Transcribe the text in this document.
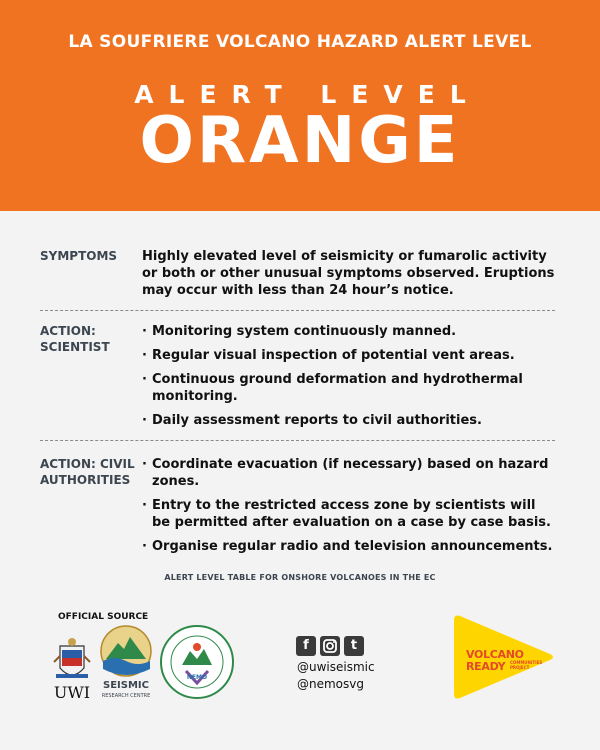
LA SOUFRIERE VOLCANO HAZARD ALERT LEVEL
ALERT LEVEL
ORANGE
SYMPTOMS	Highly elevated level of seismicity or fumarolic activity or both or other unusual symptoms observed. Eruptions may occur with less than 24 hour’s notice.
ACTION: SCIENTIST
· Monitoring system continuously manned.
· Regular visual inspection of potential vent areas.
· Continuous ground deformation and hydrothermal monitoring.
· Daily assessment reports to civil authorities.
ACTION: CIVIL AUTHORITIES
· Coordinate evacuation (if necessary) based on hazard zones.
· Entry to the restricted access zone by scientists will be permitted after evaluation on a case by case basis.
· Organise regular radio and television announcements.
ALERT LEVEL TABLE FOR ONSHORE VOLCANOES IN THE EC
OFFICIAL SOURCE
UWI	SEISMIC
RESEARCH CENTRE
NEMO
f	t
@uwiseismic
@nemosvg
VOLCANO
READY COMMUNITIES PROJECT
